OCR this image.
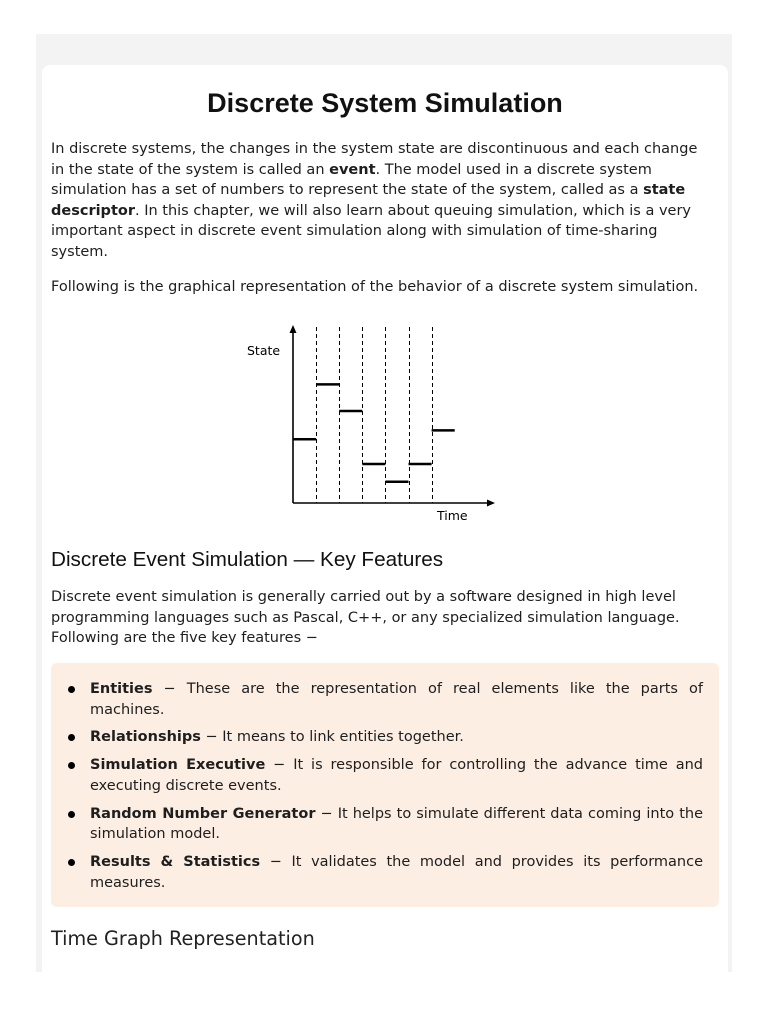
Discrete System Simulation

In discrete systems, the changes in the system state are discontinuous and each change in the state of the system is called an event. The model used in a discrete system simulation has a set of numbers to represent the state of the system, called as a state descriptor. In this chapter, we will also learn about queuing simulation, which is a very important aspect in discrete event simulation along with simulation of time-sharing system.

Following is the graphical representation of the behavior of a discrete system simulation.

State
Time
Discrete Event Simulation — Key Features

Discrete event simulation is generally carried out by a software designed in high level programming languages such as Pascal, C++, or any specialized simulation language. Following are the five key features −

Entities − These are the representation of real elements like the parts of machines.
Relationships − It means to link entities together.
Simulation Executive − It is responsible for controlling the advance time and executing discrete events.
Random Number Generator − It helps to simulate different data coming into the simulation model.
Results & Statistics − It validates the model and provides its performance measures.
Time Graph Representation
